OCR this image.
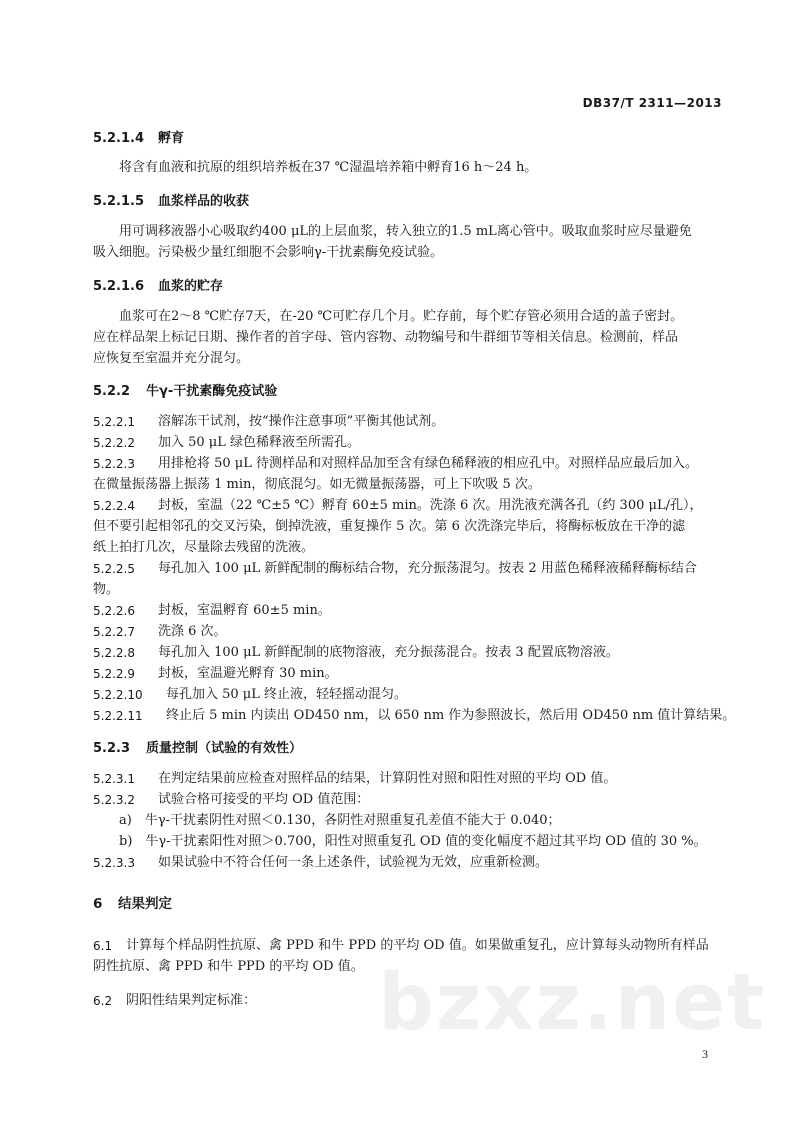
DB37/T 2311—2013

5.2.1.4 孵育

将含有血液和抗原的组织培养板在37 ℃湿温培养箱中孵育16 h～24 h。

5.2.1.5 血浆样品的收获

用可调移液器小心吸取约400 μL的上层血浆，转入独立的1.5 mL离心管中。吸取血浆时应尽量避免

吸入细胞。污染极少量红细胞不会影响γ-干扰素酶免疫试验。

5.2.1.6 血浆的贮存

血浆可在2～8 ℃贮存7天，在-20 ℃可贮存几个月。贮存前，每个贮存管必须用合适的盖子密封。

应在样品架上标记日期、操作者的首字母、管内容物、动物编号和牛群细节等相关信息。检测前，样品

应恢复至室温并充分混匀。

5.2.2 牛γ-干扰素酶免疫试验

5.2.2.1 溶解冻干试剂，按“操作注意事项”平衡其他试剂。

5.2.2.2 加入 50 μL 绿色稀释液至所需孔。

5.2.2.3 用排枪将 50 μL 待测样品和对照样品加至含有绿色稀释液的相应孔中。对照样品应最后加入。

在微量振荡器上振荡 1 min，彻底混匀。如无微量振荡器，可上下吹吸 5 次。

5.2.2.4 封板，室温（22 ℃±5 ℃）孵育 60±5 min。洗涤 6 次。用洗液充满各孔（约 300 μL/孔），

但不要引起相邻孔的交叉污染，倒掉洗液，重复操作 5 次。第 6 次洗涤完毕后，将酶标板放在干净的滤

纸上拍打几次，尽量除去残留的洗液。

5.2.2.5 每孔加入 100 μL 新鲜配制的酶标结合物，充分振荡混匀。按表 2 用蓝色稀释液稀释酶标结合

物。

5.2.2.6 封板，室温孵育 60±5 min。

5.2.2.7 洗涤 6 次。

5.2.2.8 每孔加入 100 μL 新鲜配制的底物溶液，充分振荡混合。按表 3 配置底物溶液。

5.2.2.9 封板，室温避光孵育 30 min。

5.2.2.10 每孔加入 50 μL 终止液，轻轻摇动混匀。

5.2.2.11 终止后 5 min 内读出 OD450 nm，以 650 nm 作为参照波长，然后用 OD450 nm 值计算结果。

5.2.3 质量控制（试验的有效性）

5.2.3.1 在判定结果前应检查对照样品的结果，计算阴性对照和阳性对照的平均 OD 值。

5.2.3.2 试验合格可接受的平均 OD 值范围：

a)　牛γ-干扰素阴性对照＜0.130，各阴性对照重复孔差值不能大于 0.040；

b)　牛γ-干扰素阳性对照＞0.700，阳性对照重复孔 OD 值的变化幅度不超过其平均 OD 值的 30 %。

5.2.3.3 如果试验中不符合任何一条上述条件，试验视为无效，应重新检测。

6 结果判定

6.1 计算每个样品阴性抗原、禽 PPD 和牛 PPD 的平均 OD 值。如果做重复孔，应计算每头动物所有样品

阴性抗原、禽 PPD 和牛 PPD 的平均 OD 值。

6.2 阴阳性结果判定标准：

3
bzxz.net
